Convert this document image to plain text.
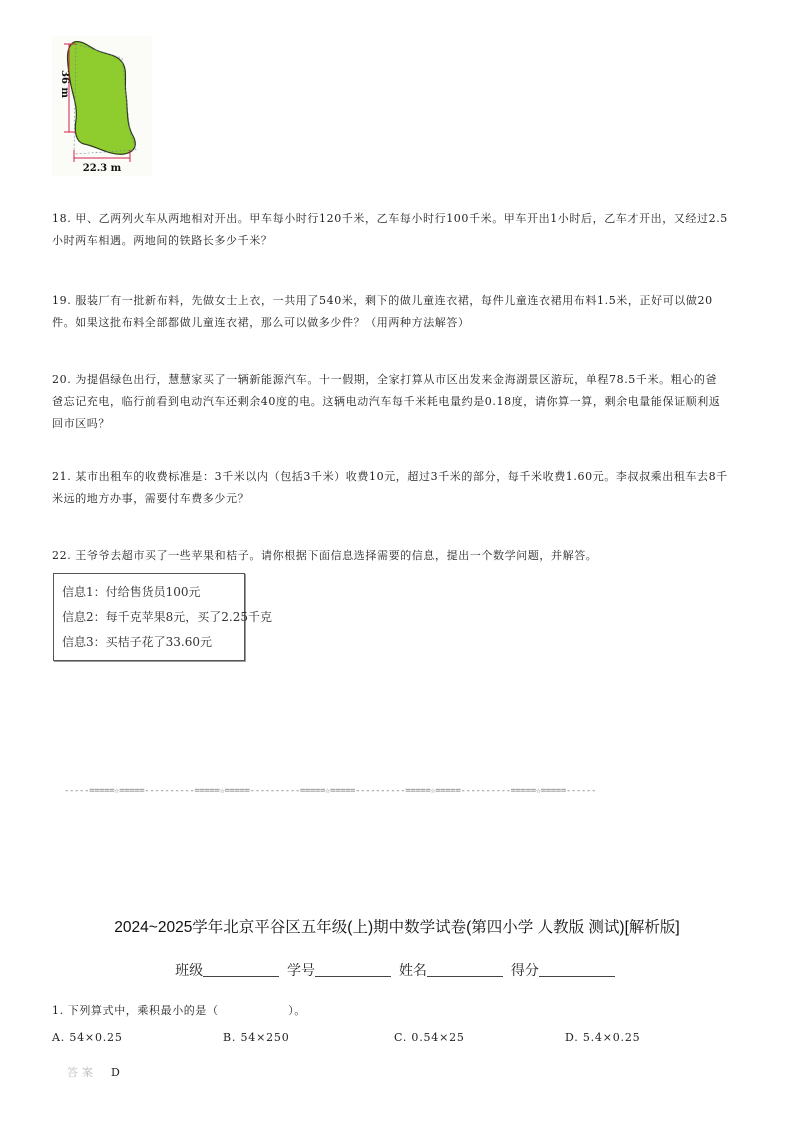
36 m
22.3 m
18. 甲、乙两列火车从两地相对开出。甲车每小时行120千米，乙车每小时行100千米。甲车开出1小时后，乙车才开出，又经过2.5
小时两车相遇。两地间的铁路长多少千米？
19. 服装厂有一批新布料，先做女士上衣，一共用了540米，剩下的做儿童连衣裙，每件儿童连衣裙用布料1.5米，正好可以做20
件。如果这批布料全部都做儿童连衣裙，那么可以做多少件？（用两种方法解答）
20. 为提倡绿色出行，慧慧家买了一辆新能源汽车。十一假期，全家打算从市区出发来金海湖景区游玩，单程78.5千米。粗心的爸
爸忘记充电，临行前看到电动汽车还剩余40度的电。这辆电动汽车每千米耗电量约是0.18度，请你算一算，剩余电量能保证顺利返
回市区吗？
21. 某市出租车的收费标准是：3千米以内（包括3千米）收费10元，超过3千米的部分，每千米收费1.60元。李叔叔乘出租车去8千
米远的地方办事，需要付车费多少元？
22. 王爷爷去超市买了一些苹果和桔子。请你根据下面信息选择需要的信息，提出一个数学问题，并解答。
信息1：付给售货员100元
信息2：每千克苹果8元，买了2.25千克
信息3：买桔子花了33.60元
-----=====☆=====----------=====☆=====----------=====☆=====----------=====☆=====----------=====☆=====------
2024~2025学年北京平谷区五年级(上)期中数学试卷(第四小学 人教版 测试)[解析版]
班级	学号	姓名	得分
1. 下列算式中，乘积最小的是（　　　　　　）。
A. 54×0.25	B. 54×250	C. 0.54×25	D. 5.4×0.25
答案 D
